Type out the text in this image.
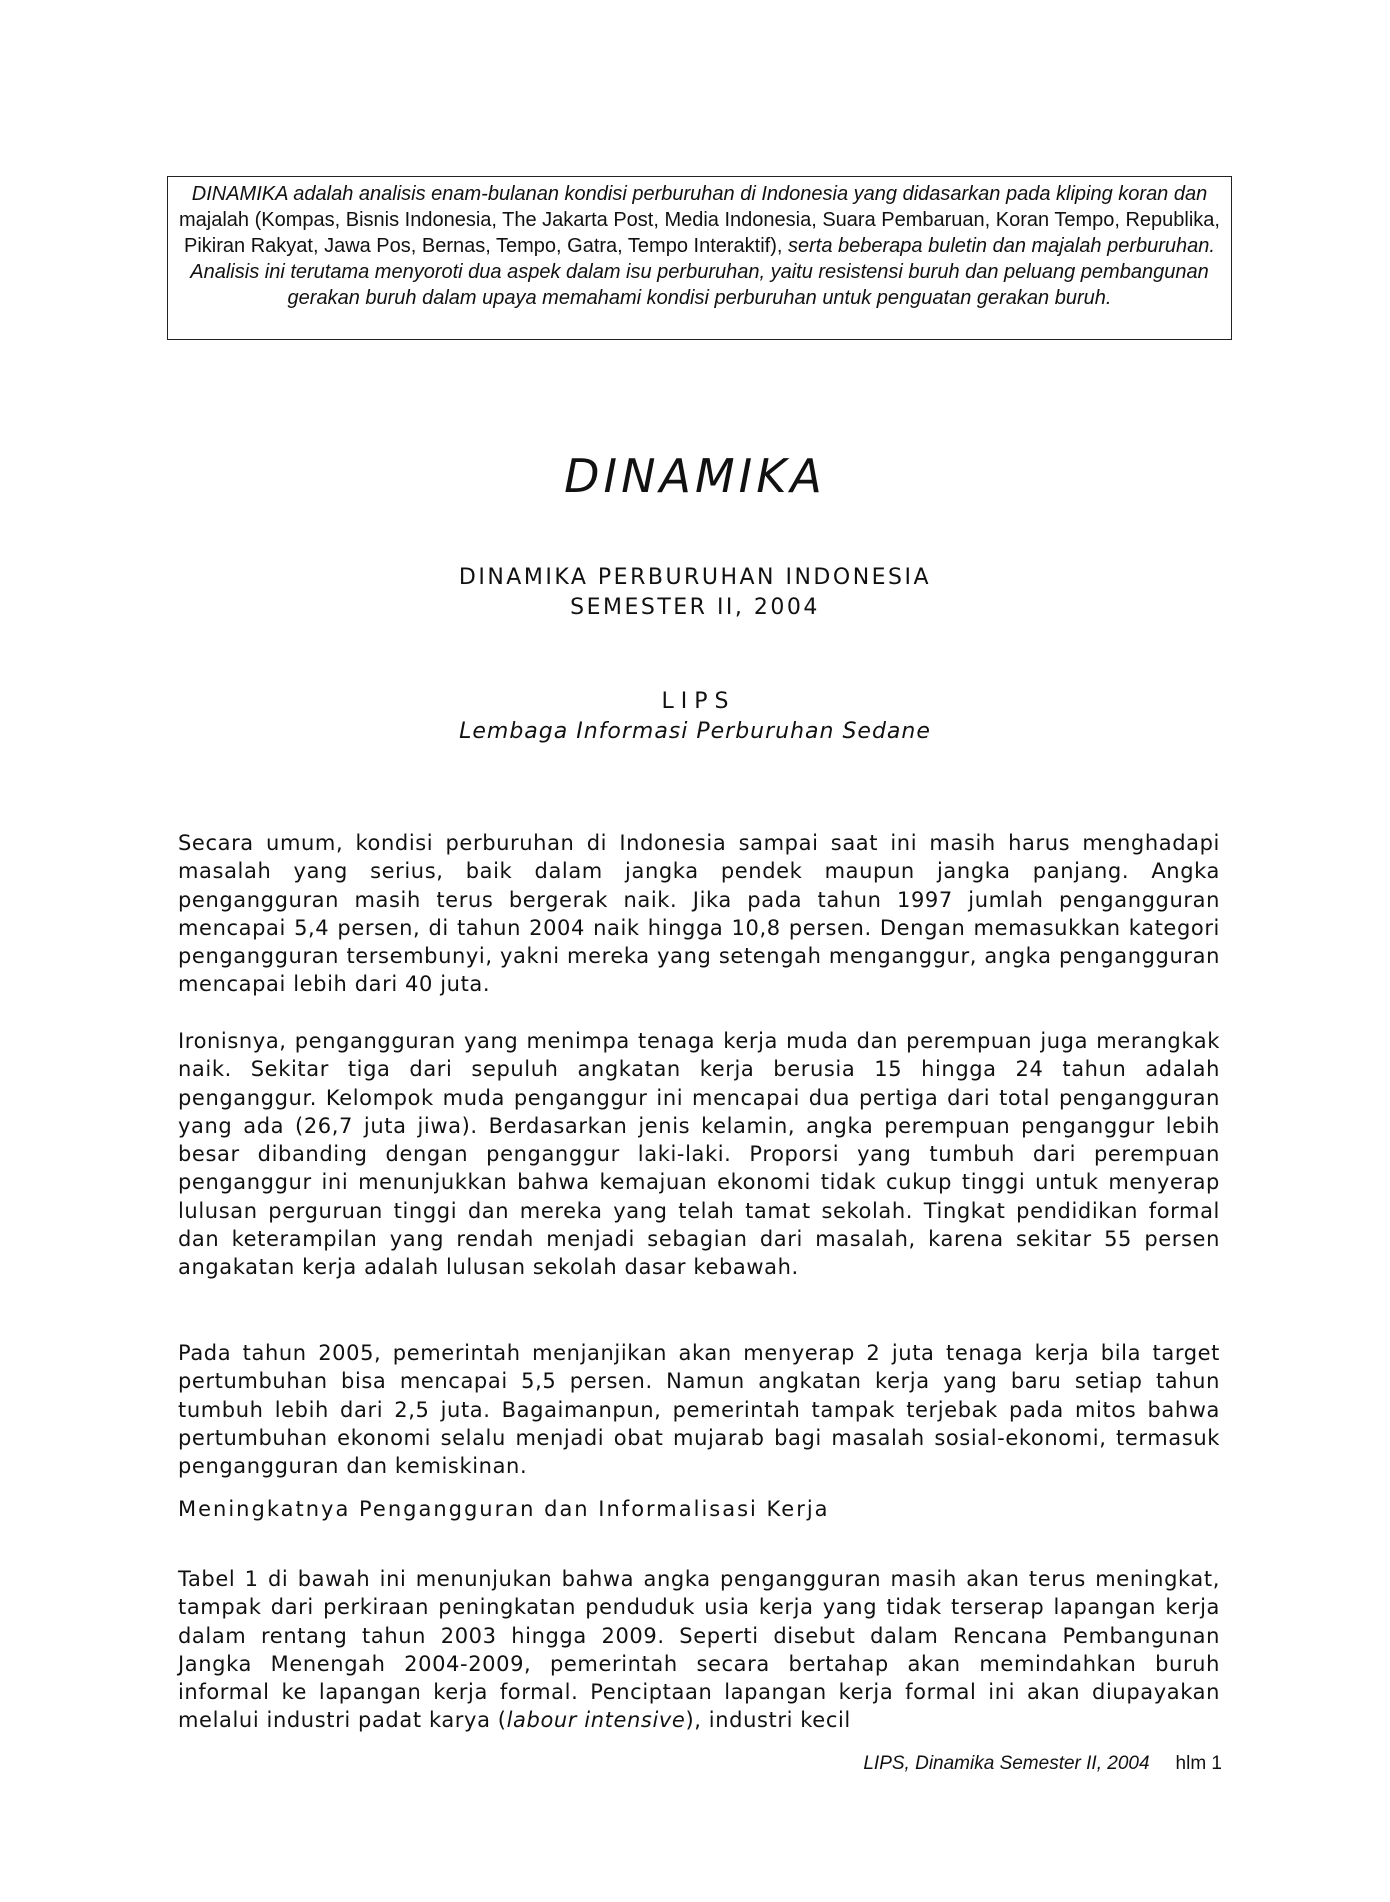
DINAMIKA adalah analisis enam-bulanan kondisi perburuhan di Indonesia yang didasarkan pada kliping koran dan majalah (Kompas, Bisnis Indonesia, The Jakarta Post, Media Indonesia, Suara Pembaruan, Koran Tempo, Republika, Pikiran Rakyat, Jawa Pos, Bernas, Tempo, Gatra, Tempo Interaktif), serta beberapa buletin dan majalah perburuhan. Analisis ini terutama menyoroti dua aspek dalam isu perburuhan, yaitu resistensi buruh dan peluang pembangunan gerakan buruh dalam upaya memahami kondisi perburuhan untuk penguatan gerakan buruh.
DINAMIKA
DINAMIKA PERBURUHAN INDONESIA
SEMESTER II, 2004
L I P S
Lembaga Informasi Perburuhan Sedane

Secara umum, kondisi perburuhan di Indonesia sampai saat ini masih harus menghadapi masalah yang serius, baik dalam jangka pendek maupun jangka panjang. Angka pengangguran masih terus bergerak naik. Jika pada tahun 1997 jumlah pengangguran mencapai 5,4 persen, di tahun 2004 naik hingga 10,8 persen. Dengan memasukkan kategori pengangguran tersembunyi, yakni mereka yang setengah menganggur, angka pengangguran mencapai lebih dari 40 juta.

Ironisnya, pengangguran yang menimpa tenaga kerja muda dan perempuan juga merangkak naik. Sekitar tiga dari sepuluh angkatan kerja berusia 15 hingga 24 tahun adalah penganggur. Kelompok muda penganggur ini mencapai dua pertiga dari total pengangguran yang ada (26,7 juta jiwa). Berdasarkan jenis kelamin, angka perempuan penganggur lebih besar dibanding dengan penganggur laki-laki. Proporsi yang tumbuh dari perempuan penganggur ini menunjukkan bahwa kemajuan ekonomi tidak cukup tinggi untuk menyerap lulusan perguruan tinggi dan mereka yang telah tamat sekolah. Tingkat pendidikan formal dan keterampilan yang rendah menjadi sebagian dari masalah, karena sekitar 55 persen angakatan kerja adalah lulusan sekolah dasar kebawah.

Pada tahun 2005, pemerintah menjanjikan akan menyerap 2 juta tenaga kerja bila target pertumbuhan bisa mencapai 5,5 persen. Namun angkatan kerja yang baru setiap tahun tumbuh lebih dari 2,5 juta. Bagaimanpun, pemerintah tampak terjebak pada mitos bahwa pertumbuhan ekonomi selalu menjadi obat mujarab bagi masalah sosial-ekonomi, termasuk pengangguran dan kemiskinan.

Meningkatnya Pengangguran dan Informalisasi Kerja

Tabel 1 di bawah ini menunjukan bahwa angka pengangguran masih akan terus meningkat, tampak dari perkiraan peningkatan penduduk usia kerja yang tidak terserap lapangan kerja dalam rentang tahun 2003 hingga 2009. Seperti disebut dalam Rencana Pembangunan Jangka Menengah 2004-2009, pemerintah secara bertahap akan memindahkan buruh informal ke lapangan kerja formal. Penciptaan lapangan kerja formal ini akan diupayakan melalui industri padat karya (labour intensive), industri kecil

LIPS, Dinamika Semester II, 2004 hlm 1
